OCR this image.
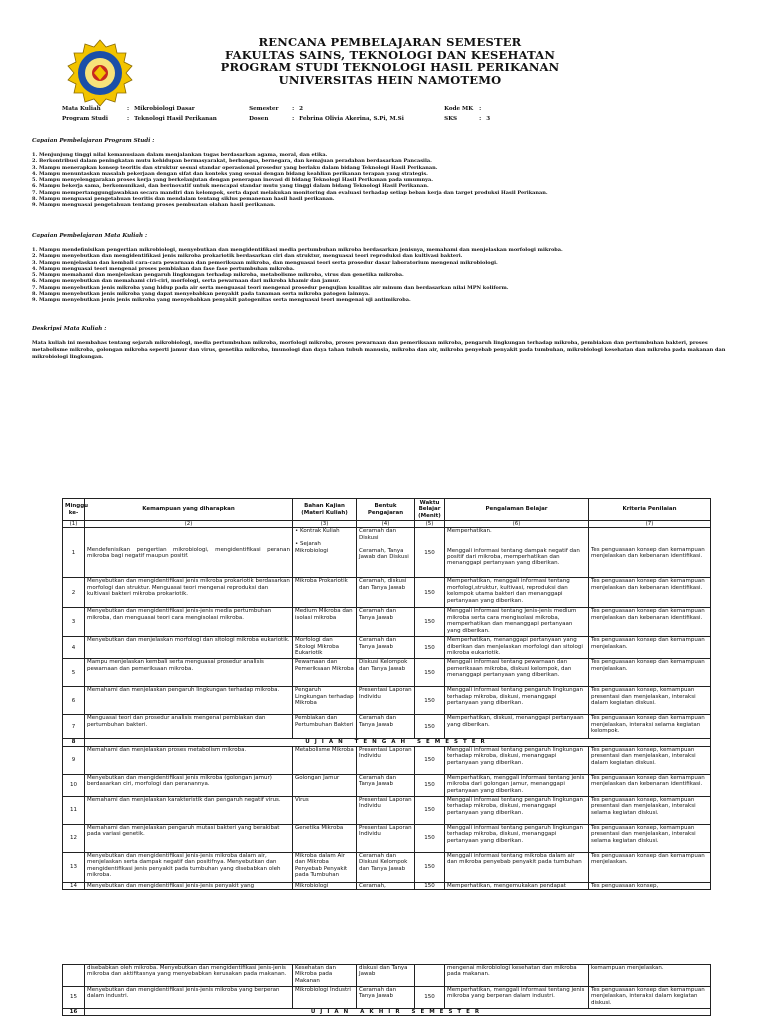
RENCANA PEMBELAJARAN SEMESTER
FAKULTAS SAINS, TEKNOLOGI DAN KESEHATAN
PROGRAM STUDI TEKNOLOGI HASIL PERIKANAN
UNIVERSITAS HEIN NAMOTEMO
Mata Kuliah	:	Mikrobiologi Dasar	Semester	:	2	Kode MK	:	
Program Studi	:	Teknologi Hasil Perikanan	Dosen	:	Febrina Olivia Akerina, S.Pi, M.Si	SKS	:	3
Capaian Pembelajaran Program Studi :
1. Menjunjung tinggi nilai kemanusiaan dalam menjalankan tugas berdasarkan agama, moral, dan etika.
2. Berkontribusi dalam peningkatan mutu kehidupan bermasyarakat, berbangsa, bernegara, dan kemajuan peradaban berdasarkan Pancasila.
3. Mampu menerapkan konsep teoritis dan struktur sesuai standar operasional prosedur yang berlaku dalam bidang Teknologi Hasil Perikanan.
4. Mampu menuntaskan masalah pekerjaan dengan sifat dan konteks yang sesuai dengan bidang keahlian perikanan terapan yang strategis.
5. Mampu menyelenggarakan proses kerja yang berkelanjutan dengan penerapan inovasi di bidang Teknologi Hasil Perikanan pada umumnya.
6. Mampu bekerja sama, berkomunikasi, dan berinovatif untuk mencapai standar mutu yang tinggi dalam bidang Teknologi Hasil Perikanan.
7. Mampu mempertanggungjawabkan secara mandiri dan kelompok, serta dapat melakukan monitoring dan evaluasi terhadap setiap beban kerja dan target produksi Hasil Perikanan.
8. Mampu menguasai pengetahuan teoritis dan mendalam tentang siklus pemanenan hasil hasil perikanan.
9. Mampu menguasai pengetahuan tentang proses pembuatan olahan hasil perikanan.
Capaian Pembelajaran Mata Kuliah :
1. Mampu mendefinisikan pengertian mikrobiologi, menyebutkan dan mengidentifikasi media pertumbuhan mikroba berdasarkan jenisnya, memahami dan menjelaskan morfologi mikroba.
2. Mampu menyebutkan dan mengidentifikasi jenis mikroba prokariotik berdasarkan ciri dan struktur, menguasai teori reproduksi dan kultivasi bakteri.
3. Mampu menjelaskan dan kembali cara-cara pewarnaan dan pemeriksaan mikroba, dan menguasai teori serta prosedur dasar laboratorium mengenai mikrobiologi.
4. Mampu menguasai teori mengenai proses pembiakan dan fase fase pertumbuhan mikroba.
5. Mampu memahami dan menjelaskan pengaruh lingkungan terhadap mikroba, metabolisme mikroba, virus dan genetika mikroba.
6. Mampu menyebutkan dan memahami ciri-ciri, morfologi, serta pewarnaan dari mikroba khamir dan jamur.
7. Mampu menyebutkan jenis mikroba yang hidup pada air serta menguasai teori mengenai prosedur pengujian kualitas air minum dan berdasarkan nilai MPN koliform.
8. Mampu menyebutkan jenis mikroba yang dapat menyebabkan penyakit pada tanaman serta mikroba patogen lainnya.
9. Mampu menyebutkan jenis jenis mikroba yang menyebabkan penyakit patogenitas serta menguasai teori mengenai uji antimikroba.
Deskripsi Mata Kuliah :

Mata kuliah ini membahas tentang sejarah mikrobiologi, media pertumbuhan mikroba, morfologi mikroba, proses pewarnaan dan pemeriksaan mikroba, pengaruh lingkungan terhadap mikroba, pembiakan dan pertumbuhan bakteri, proses metabolisme mikroba, golongan mikroba seperti jamur dan virus, genetika mikroba, imunologi dan daya tahan tubuh manusia, mikroba dan air, mikroba penyebab penyakit pada tumbuhan, mikrobiologi kesehatan dan mikroba pada makanan dan mikrobiologi lingkungan.

Minggu ke-	Kemampuan yang diharapkan	Bahan Kajian (Materi Kuliah)	Bentuk Pengajaran	Waktu Belajar (Menit)	Pengalaman Belajar	Kriteria Penilaian
(1)	(2)	(3)	(4)	(5)	(6)	(7)
1	Mendefenisikan pengertian mikrobiologi, mengidentifikasi peranan mikroba bagi negatif maupun positif.	• Kontrak Kuliah

• Sejarah Mikrobiologi	Ceramah dan Diskusi

Ceramah, Tanya Jawab dan Diskusi	150	Memperhatikan.

Menggali informasi tentang dampak negatif dan positif dari mikroba, memperhatikan dan menanggapi pertanyaan yang diberikan.	Tes penguasaan konsep dan kemampuan menjelaskan dan kebenaran identifikasi.
2	Menyebutkan dan mengidentifikasi jenis mikroba prokariotik berdasarkan morfologi dan struktur. Menguasai teori mengenai reproduksi dan kultivasi bakteri mikroba prokariotik.	Mikroba Prokariotik	Ceramah, diskusi dan Tanya Jawab	150	Memperhatikan, menggali informasi tentang morfologi,struktur, kultivasi, reproduksi dan kelompok utama bakteri dan menanggapi pertanyaan yang diberikan.	Tes penguasaan konsep dan kemampuan menjelaskan dan kebenaran identifikasi.
3	Menyebutkan dan mengidentifikasi jenis-jenis media pertumbuhan mikroba, dan menguasai teori cara mengisolasi mikroba.	Medium Mikroba dan isolasi mikroba	Ceramah dan Tanya Jawab	150	Menggali informasi tentang jenis-jenis medium mikroba serta cara mengisolasi mikroba, memperhatikan dan menanggapi pertanyaan yang diberikan.	Tes penguasaan konsep dan kemampuan menjelaskan dan kebenaran identifikasi.
4	Menyebutkan dan menjelaskan morfologi dan sitologi mikroba eukariotik.	Morfologi dan Sitologi Mikroba Eukariotik	Ceramah dan Tanya Jawab	150	Memperhatikan, menanggapi pertanyaan yang diberikan dan menjelaskan morfologi dan sitologi mikroba eukariotik.	Tes penguasaan konsep dan kemampuan menjelaskan.
5	Mampu menjelaskan kembali serta menguasai prosedur analisis pewarnaan dan pemeriksaan mikroba.	Pewarnaan dan Pemeriksaan Mikroba	Diskusi Kelompok dan Tanya Jawab	150	Menggali informasi tentang pewarnaan dan pemeriksaan mikroba, diskusi kelompok, dan menanggapi pertanyaan yang diberikan.	Tes penguasaan konsep dan kemampuan menjelaskan.
6	Memahami dan menjelaskan pengaruh lingkungan terhadap mikroba.	Pengaruh Lingkungan terhadap Mikroba	Presentasi Laporan Individu	150	Menggali informasi tentang pengaruh lingkungan terhadap mikroba, diskusi, menanggapi pertanyaan yang diberikan.	Tes penguasaan konsep, kemampuan presentasi dan menjelaskan, interaksi dalam kegiatan diskusi.
7	Menguasai teori dan prosedur analisis mengenai pembiakan dan pertumbuhan bakteri.	Pembiakan dan Pertumbuhan Bakteri	Ceramah dan Tanya Jawab	150	Memperhatikan, diskusi, menanggapi pertanyaan yang diberikan.	Tes penguasaan konsep dan kemampuan menjelaskan, interaksi selama kegiatan kelompok.
8	UJIAN TENGAH SEMESTER					
9	Memahami dan menjelaskan proses metabolism mikroba.	Metabolisme Mikroba	Presentasi Laporan Individu	150	Menggali informasi tentang pengaruh lingkungan terhadap mikroba, diskusi, menanggapi pertanyaan yang diberikan.	Tes penguasaan konsep, kemampuan presentasi dan menjelaskan, interaksi dalam kegiatan diskusi.
10	Menyebutkan dan mengidentifikasi jenis mikroba (golongan jamur) berdasarkan ciri, morfologi dan peranannya.	Golongan Jamur	Ceramah dan Tanya Jawab	150	Memperhatikan, menggali informasi tentang jenis mikroba dari golongan jamur, menanggapi pertanyaan yang diberikan.	Tes penguasaan konsep dan kemampuan menjelaskan dan kebenaran identifikasi.
11	Memahami dan menjelaskan karakteristik dan pengaruh negatif virus.	Virus	Presentasi Laporan Individu	150	Menggali informasi tentang pengaruh lingkungan terhadap mikroba, diskusi, menanggapi pertanyaan yang diberikan.	Tes penguasaan konsep, kemampuan presentasi dan menjelaskan, interaksi selama kegiatan diskusi.
12	Memahami dan menjelaskan pengaruh mutasi bakteri yang berakibat pada variasi genetik.	Genetika Mikroba	Presentasi Laporan Individu	150	Menggali informasi tentang pengaruh lingkungan terhadap mikroba, diskusi, menanggapi pertanyaan yang diberikan.	Tes penguasaan konsep, kemampuan presentasi dan menjelaskan, interaksi selama kegiatan diskusi.
13	Menyebutkan dan mengidentifikasi jenis-jenis mikroba dalam air, menjelaskan serta dampak negatif dan positifnya. Menyebutkan dan mengidentifikasi jenis penyakit pada tumbuhan yang disebabkan oleh mikroba.	Mikroba dalam Air dan Mikroba Penyebab Penyakit pada Tumbuhan	Ceramah dan Diskusi Kelompok dan Tanya Jawab	150	Menggali informasi tentang mikroba dalam air dan mikroba penyebab penyakit pada tumbuhan	Tes penguasaan konsep dan kemampuan menjelaskan.
14	Menyebutkan dan mengidentifikasi jenis-jenis penyakit yang	Mikrobiologi	Ceramah,	150	Memperhatikan, mengemukakan pendapat	Tes penguasaan konsep,
	disebabkan oleh mikroba. Menyebutkan dan mengidentifikasi jenis-jenis mikroba dan aktifitasnya yang menyebabkan kerusakan pada makanan.	Kesehatan dan Mikroba pada Makanan	diskusi dan Tanya Jawab		mengenai mikrobiologi kesehatan dan mikroba pada makanan.	kemampuan menjelaskan.
15	Menyebutkan dan mengidentifikasi jenis-jenis mikroba yang berperan dalam industri.	Mikrobiologi Industri	Ceramah dan Tanya Jawab	150	Memperhatikan, menggali informasi tentang jenis mikroba yang berperan dalam industri.	Tes penguasaan konsep dan kemampuan menjelaskan, interaksi dalam kegiatan diskusi.
16	UJIAN AKHIR SEMESTER					
